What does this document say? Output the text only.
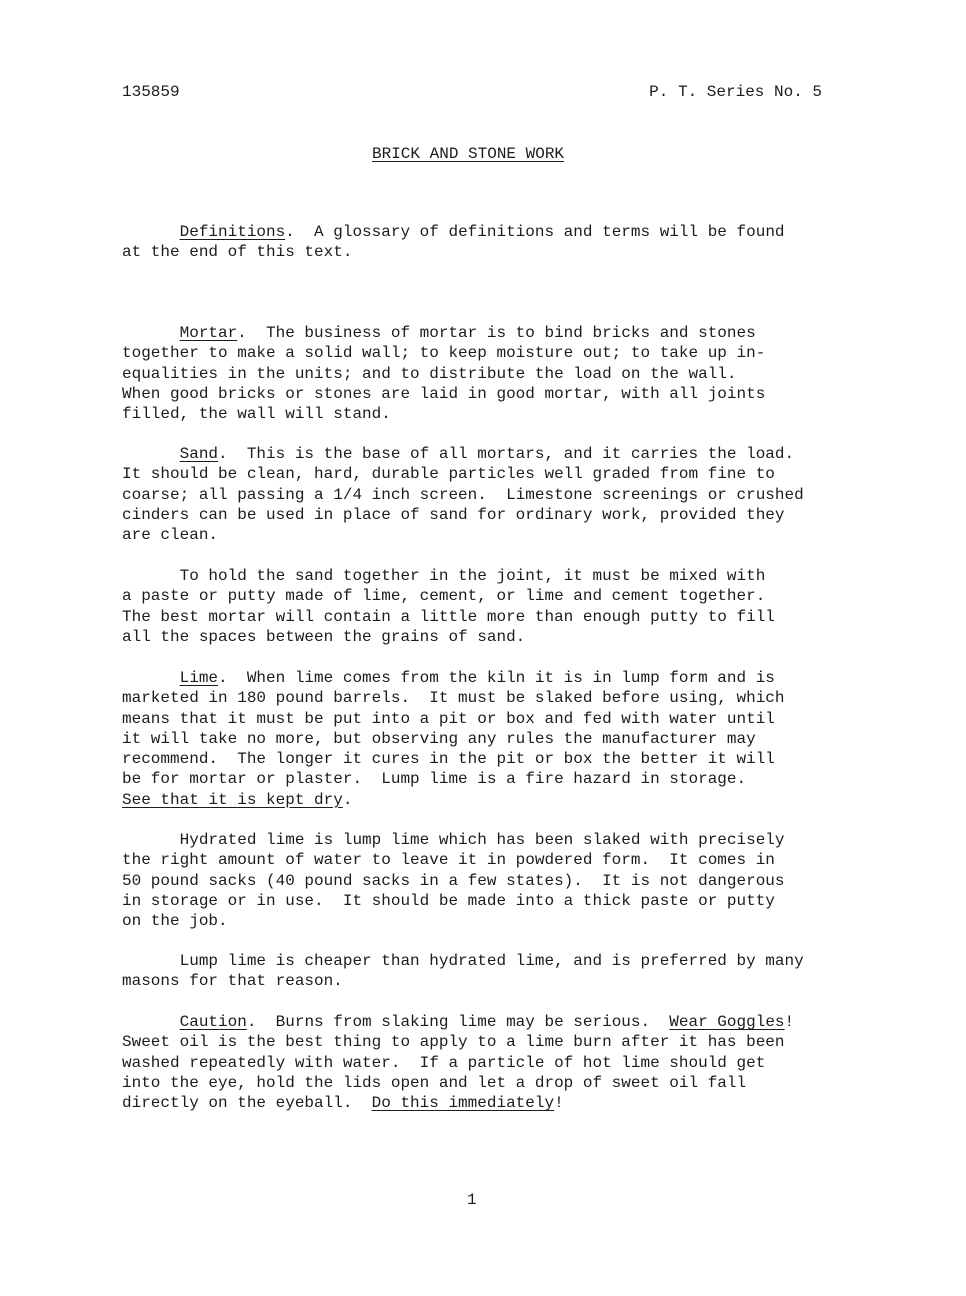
135859	P. T. Series No. 5
BRICK AND STONE WORK
Definitions.  A glossary of definitions and terms will be found
at the end of this text.
Mortar.  The business of mortar is to bind bricks and stones
together to make a solid wall; to keep moisture out; to take up in-
equalities in the units; and to distribute the load on the wall.
When good bricks or stones are laid in good mortar, with all joints
filled, the wall will stand.
Sand.  This is the base of all mortars, and it carries the load.
It should be clean, hard, durable particles well graded from fine to
coarse; all passing a 1/4 inch screen.  Limestone screenings or crushed
cinders can be used in place of sand for ordinary work, provided they
are clean.
To hold the sand together in the joint, it must be mixed with
a paste or putty made of lime, cement, or lime and cement together.
The best mortar will contain a little more than enough putty to fill
all the spaces between the grains of sand.
Lime.  When lime comes from the kiln it is in lump form and is
marketed in 180 pound barrels.  It must be slaked before using, which
means that it must be put into a pit or box and fed with water until
it will take no more, but observing any rules the manufacturer may
recommend.  The longer it cures in the pit or box the better it will
be for mortar or plaster.  Lump lime is a fire hazard in storage.
See that it is kept dry.
Hydrated lime is lump lime which has been slaked with precisely
the right amount of water to leave it in powdered form.  It comes in
50 pound sacks (40 pound sacks in a few states).  It is not dangerous
in storage or in use.  It should be made into a thick paste or putty
on the job.
Lump lime is cheaper than hydrated lime, and is preferred by many
masons for that reason.
Caution.  Burns from slaking lime may be serious.  Wear Goggles!
Sweet oil is the best thing to apply to a lime burn after it has been
washed repeatedly with water.  If a particle of hot lime should get
into the eye, hold the lids open and let a drop of sweet oil fall
directly on the eyeball.  Do this immediately!
1
